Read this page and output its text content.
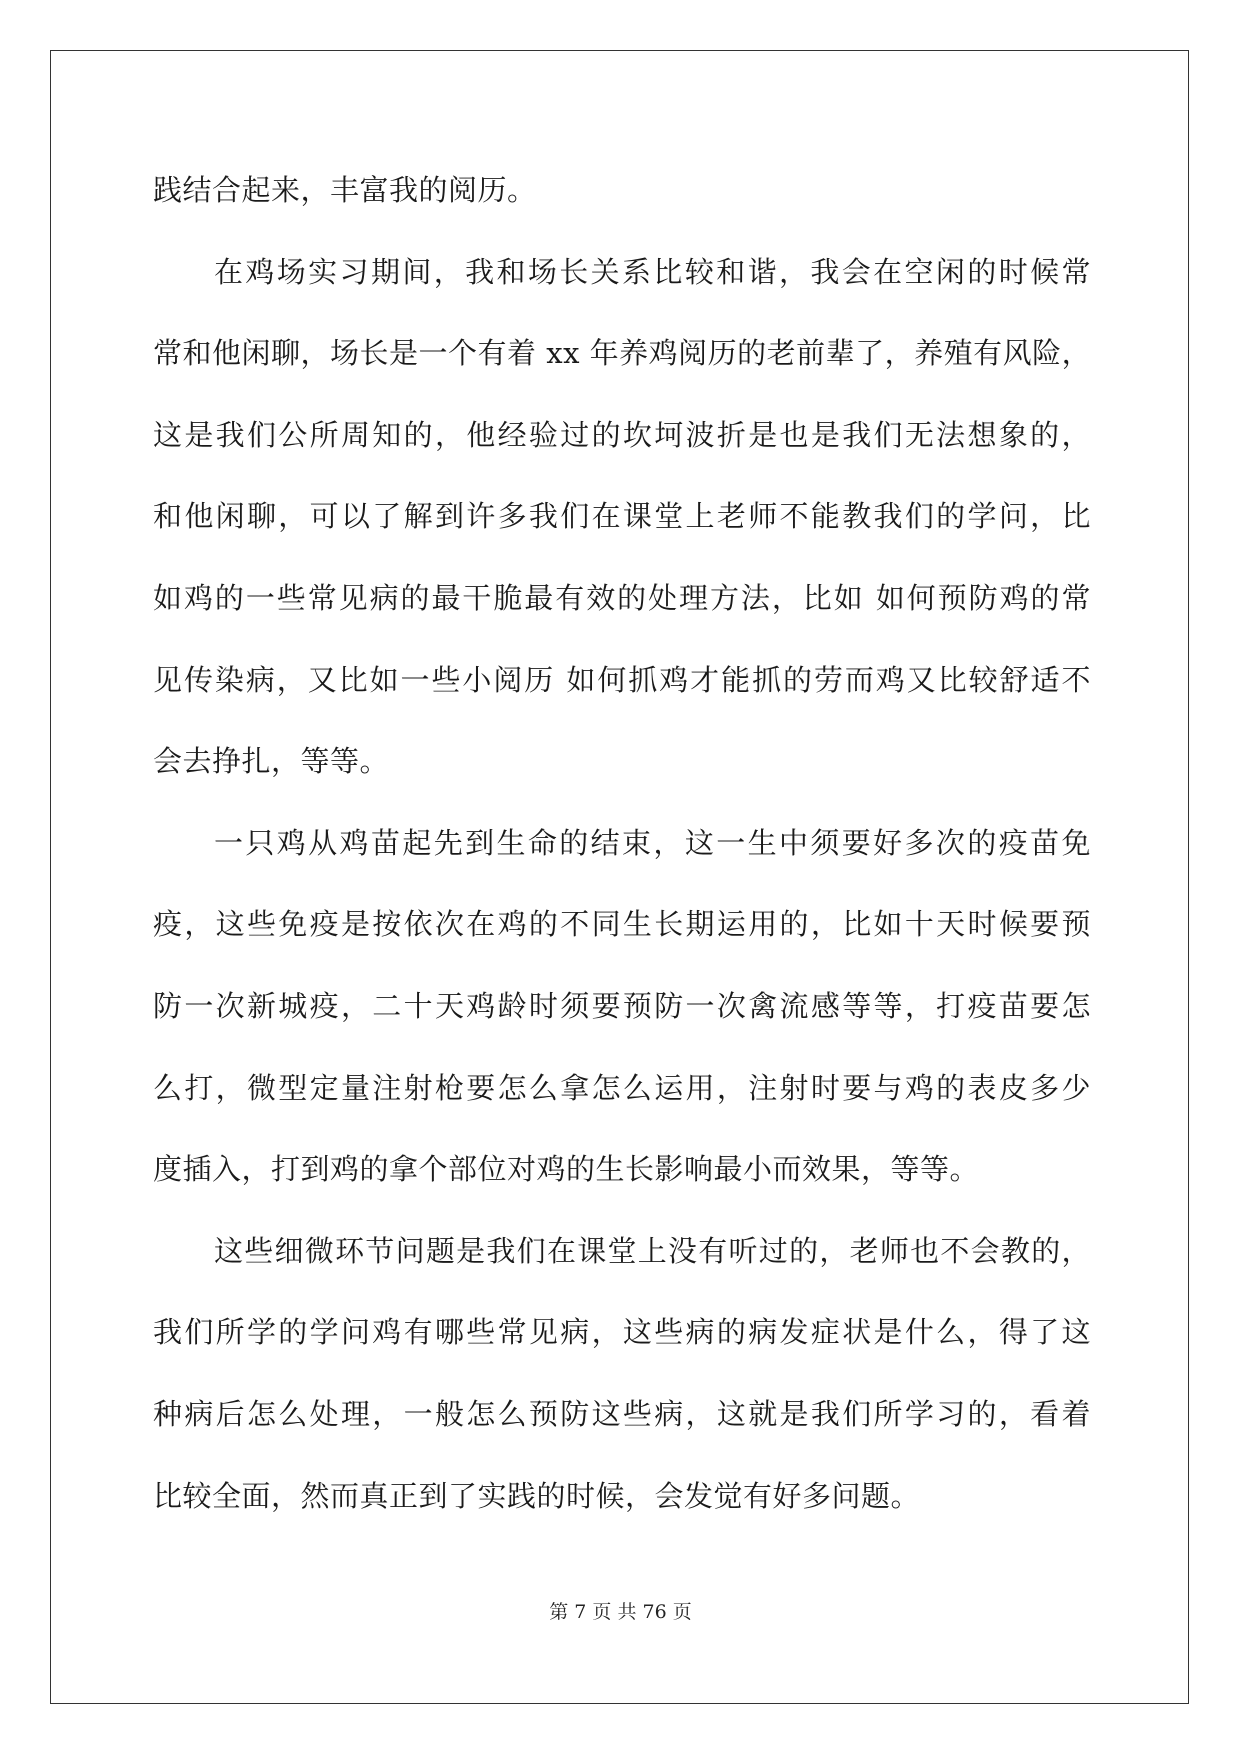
践结合起来，丰富我的阅历。
在鸡场实习期间，我和场长关系比较和谐，我会在空闲的时候常
常和他闲聊，场长是一个有着 xx 年养鸡阅历的老前辈了，养殖有风险，
这是我们公所周知的，他经验过的坎坷波折是也是我们无法想象的，
和他闲聊，可以了解到许多我们在课堂上老师不能教我们的学问，比
如鸡的一些常见病的最干脆最有效的处理方法，比如 如何预防鸡的常
见传染病，又比如一些小阅历 如何抓鸡才能抓的劳而鸡又比较舒适不
会去挣扎，等等。
一只鸡从鸡苗起先到生命的结束，这一生中须要好多次的疫苗免
疫，这些免疫是按依次在鸡的不同生长期运用的，比如十天时候要预
防一次新城疫，二十天鸡龄时须要预防一次禽流感等等，打疫苗要怎
么打，微型定量注射枪要怎么拿怎么运用，注射时要与鸡的表皮多少
度插入，打到鸡的拿个部位对鸡的生长影响最小而效果，等等。
这些细微环节问题是我们在课堂上没有听过的，老师也不会教的，
我们所学的学问鸡有哪些常见病，这些病的病发症状是什么，得了这
种病后怎么处理，一般怎么预防这些病，这就是我们所学习的，看着
比较全面，然而真正到了实践的时候，会发觉有好多问题。
第 7 页 共 76 页
